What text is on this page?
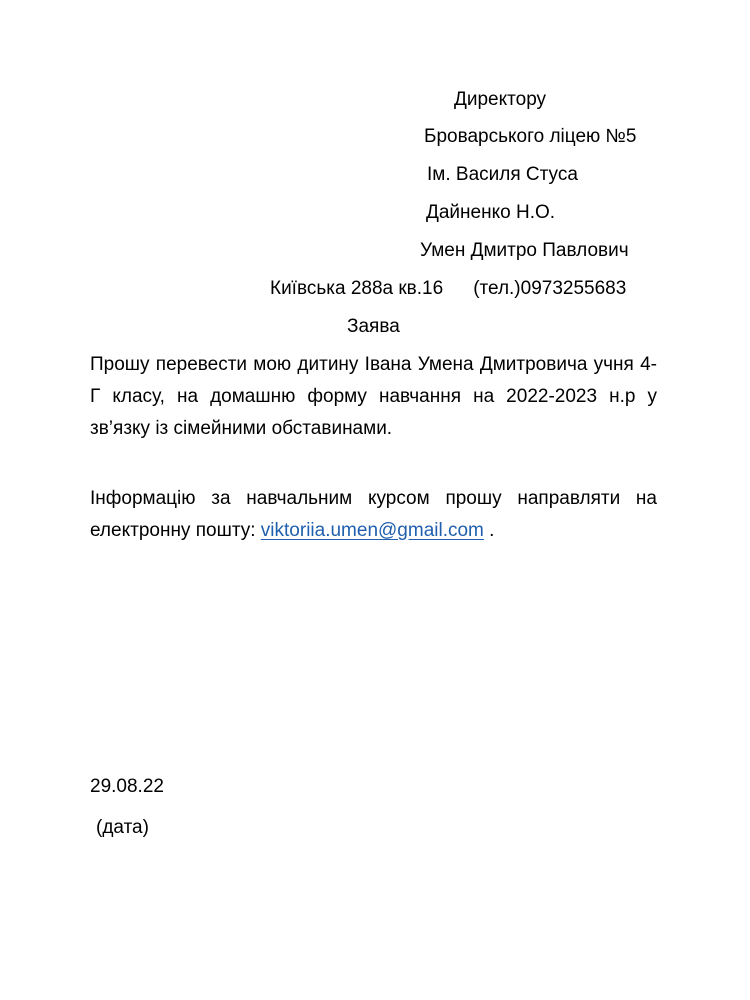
Директору
Броварського ліцею №5
Ім. Василя Стуса
Дайненко Н.О.
Умен Дмитро Павлович
Київська 288а кв.16 (тел.)0973255683
Заява
Прошу перевести мою дитину Івана Умена Дмитровича учня 4-Г класу, на домашню форму навчання на 2022-2023 н.р у зв’язку із сімейними обставинами.
Інформацію за навчальним курсом прошу направляти на електронну пошту: viktoriia.umen@gmail.com .
29.08.22
(дата)
